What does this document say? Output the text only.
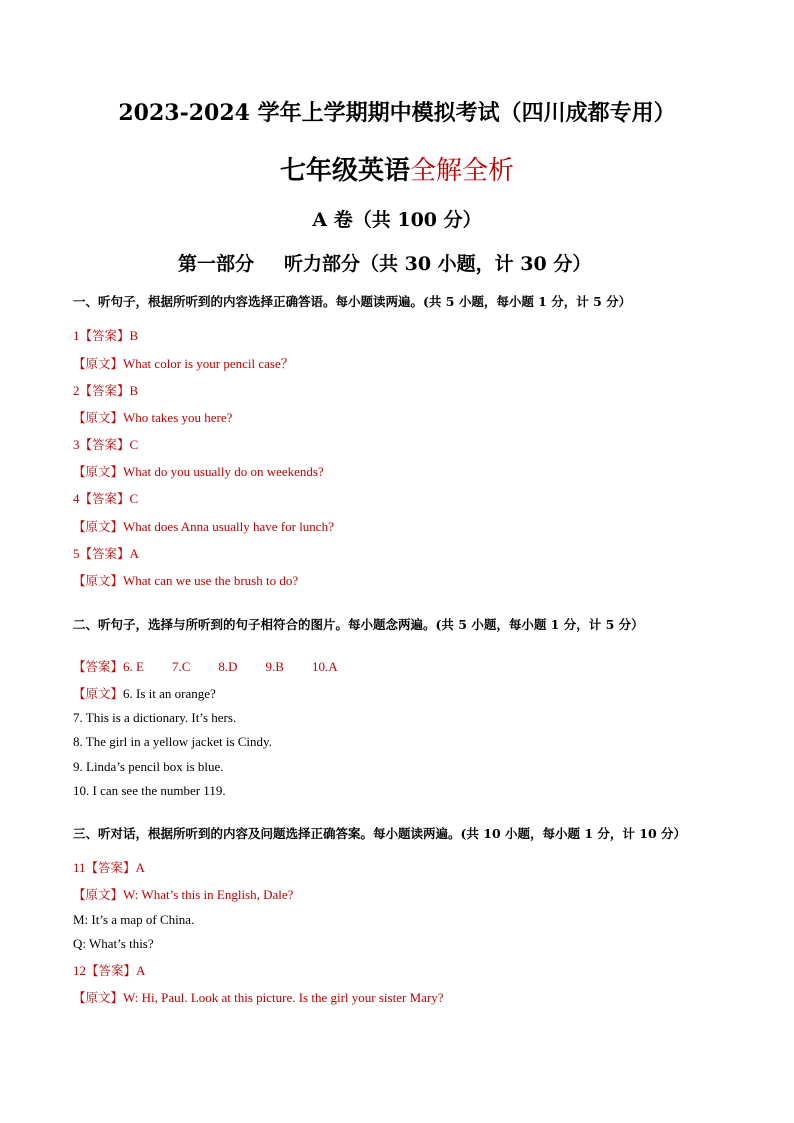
2023-2024 学年上学期期中模拟考试（四川成都专用）
七年级英语全解全析
A 卷（共 100 分）
第一部分 听力部分（共 30 小题，计 30 分）
一、听句子，根据所听到的内容选择正确答语。每小题读两遍。(共 5 小题，每小题 1 分，计 5 分）
1【答案】B
【原文】What color is your pencil case？
2【答案】B
【原文】Who takes you here?
3【答案】C
【原文】What do you usually do on weekends?
4【答案】C
【原文】What does Anna usually have for lunch?
5【答案】A
【原文】What can we use the brush to do?
二、听句子，选择与所听到的句子相符合的图片。每小题念两遍。(共 5 小题，每小题 1 分，计 5 分）
【答案】6. E 7.C 8.D 9.B 10.A
【原文】6. Is it an orange?
7. This is a dictionary. It’s hers.
8. The girl in a yellow jacket is Cindy.
9. Linda’s pencil box is blue.
10. I can see the number 119.
三、听对话，根据所听到的内容及问题选择正确答案。每小题读两遍。(共 10 小题，每小题 1 分，计 10 分）
11【答案】A
【原文】W: What’s this in English, Dale?
M: It’s a map of China.
Q: What’s this?
12【答案】A
【原文】W: Hi, Paul. Look at this picture. Is the girl your sister Mary?
